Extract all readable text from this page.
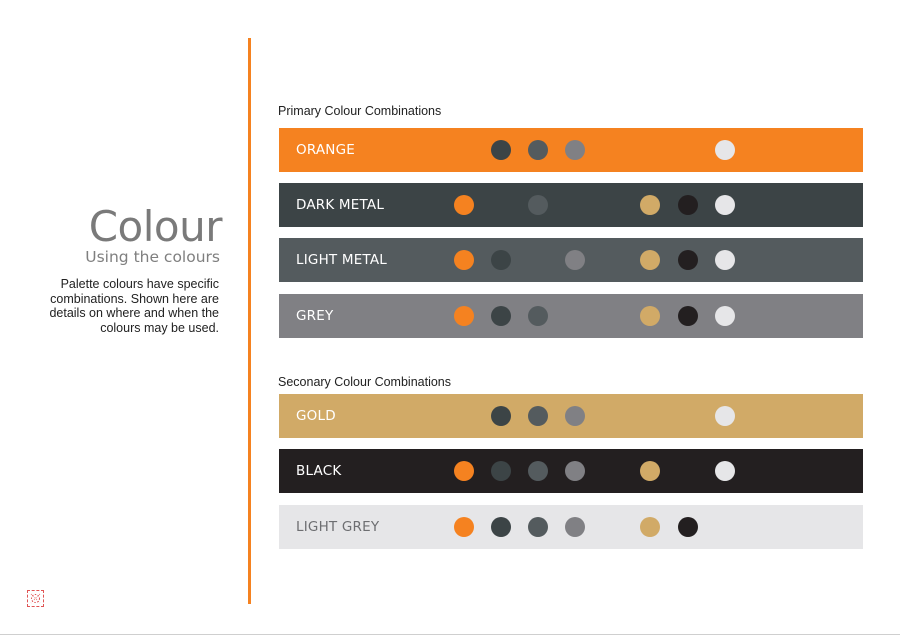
Colour
Using the colours
Palette colours have specific combinations. Shown here are details on where and when the colours may be used.
Primary Colour Combinations
ORANGE
DARK METAL
LIGHT METAL
GREY
Seconary Colour Combinations
GOLD
BLACK
LIGHT GREY
